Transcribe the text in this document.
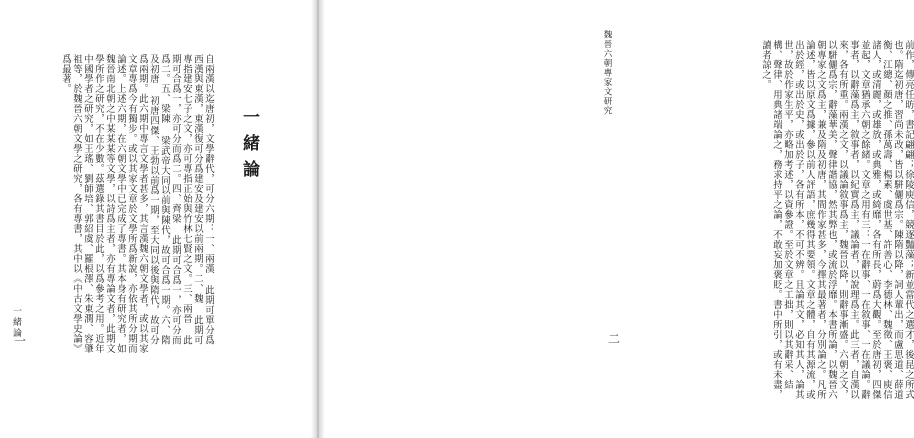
一緒論
自兩漢以迄唐初，文學辭代，可分六期：一、兩漢 此期可單分爲西漢與東漢，東漢復可分爲建安及建安以前兩期。二、魏 此期可專指建安七子之文，亦可專指正始與竹林七賢之文。三、兩晉 此期可合爲一，亦可分而爲二。四、齊梁 此期可合爲一，亦可分而爲二。五、梁陳 梁武帝大同以前與陳代，故可合爲一期。六、隋及初唐 初唐四傑、王勃以前爲一期，至大同以後與隋代，故可分爲兩期。此六期中專言文學者甚多，其言漢魏六朝文學者，或以其家文章專爲今有獨步。或以其家文章於文學所爲新說，亦依其所分期而論述。上述六期，在六朝文學中已完成了專書。其本身有研究者，如魏晉南北朝之中某某某等文學，以詩爲主者，亦有專論文者，此期文學所作之研究，不在少數。茲選錄其書目於此，以爲參考之用。近年中國學者之研究，如王瑤、劉師培、郭紹虞、羅根澤、朱東潤、容肇祖等，於魏晉六朝文學之研究，各有專書，其中以《中古文學史論》爲最著。
一緒論
一	前作，傳亮任昉，書記翩翩；徐陵庾信，競逐豔藻；新並當代之選才，後昆之所式也。隋迄初唐，習尚未改，皆以駢儷爲宗。陳隋以降，詞人輩出，而盧思道、薛道衡、江總、顏之推、孫萬壽、楊素、虞世基、許善心、李德林、魏徵、王褒、庾信諸人，或清麗，或雄放，或典雅，或綺靡，各有所長，蔚爲大觀。至於唐初，四傑並起，文章猶承六朝之餘緒。文章之用有三：一在辭事、一在敘事、一在議論。辭事者，以辭藻爲主，敘事者，以紀實爲主，議論者，以說理爲主。此三者，自漢以來，各有所重。兩漢之文，以議論敘事爲主，魏晉以降，則辭事漸盛。六朝之文，以駢儷爲宗，辭藻華美，聲律諧協，然其弊也，或流於浮靡。本書所論，以魏晉六朝專家之文爲主，兼及隋及初唐，其間作家甚多，今擇其最著者，分別論之。凡所論述，皆以原文爲據，參以前人評語，庶幾得其要領。文章之體，自有其源流，或出於經，或出於史，或出於子，各有所本，不可不辨。且論其文，必知其人，論其世，故於作家生平，亦略加考述，以資參證。至於文章之工拙，則以其辭采、結構、聲律、用典諸端論之，務求持平之論，不敢妄加褒貶。書中所引，或有未盡，讀者諒之。
魏晉六朝專家文研究
二
